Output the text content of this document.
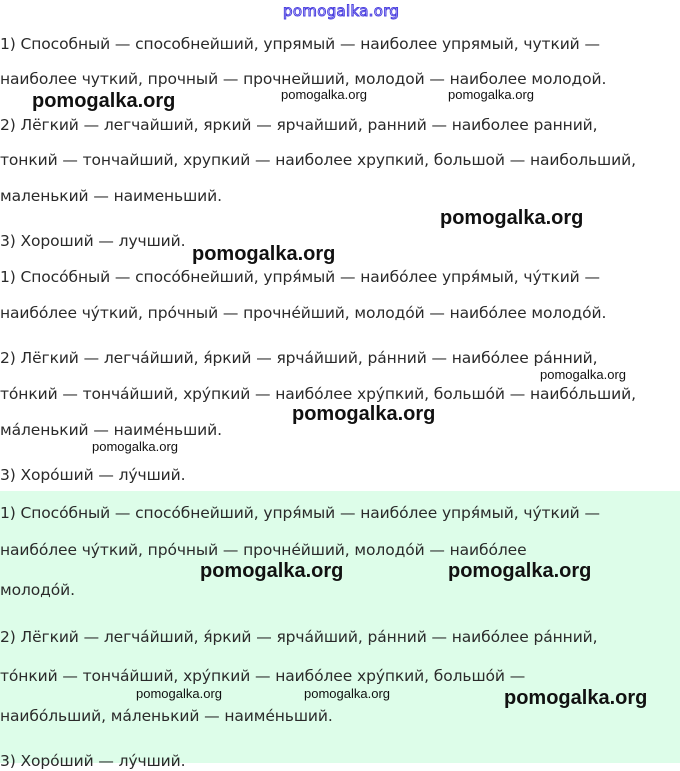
pomogalka.org
1) Способный — способнейший, упрямый — наиболее упрямый, чуткий —
наиболее чуткий, прочный — прочнейший, молодой — наиболее молодой.
2) Лёгкий — легчайший, яркий — ярчайший, ранний — наиболее ранний,
тонкий — тончайший, хрупкий — наиболее хрупкий, большой — наибольший,
маленький — наименьший.
3) Хороший — лучший.
1) Спосо́бный — спосо́бнейший, упря́мый — наибо́лее упря́мый, чу́ткий —
наибо́лее чу́ткий, про́чный — прочне́йший, молодо́й — наибо́лее молодо́й.
2) Лёгкий — легча́йший, я́ркий — ярча́йший, ра́нний — наибо́лее ра́нний,
то́нкий — тонча́йший, хру́пкий — наибо́лее хру́пкий, большо́й — наибо́льший,
ма́ленький — наиме́ньший.
3) Хоро́ший — лу́чший.
1) Спосо́бный — спосо́бнейший, упря́мый — наибо́лее упря́мый, чу́ткий —
наибо́лее чу́ткий, про́чный — прочне́йший, молодо́й — наибо́лее
молодо́й.
2) Лёгкий — легча́йший, я́ркий — ярча́йший, ра́нний — наибо́лее ра́нний,
то́нкий — тонча́йший, хру́пкий — наибо́лее хру́пкий, большо́й —
наибо́льший, ма́ленький — наиме́ньший.
3) Хоро́ший — лу́чший.
pomogalka.org	pomogalka.org	pomogalka.org
pomogalka.org
pomogalka.org
pomogalka.org
pomogalka.org
pomogalka.org
pomogalka.org	pomogalka.org
pomogalka.org	pomogalka.org	pomogalka.org
